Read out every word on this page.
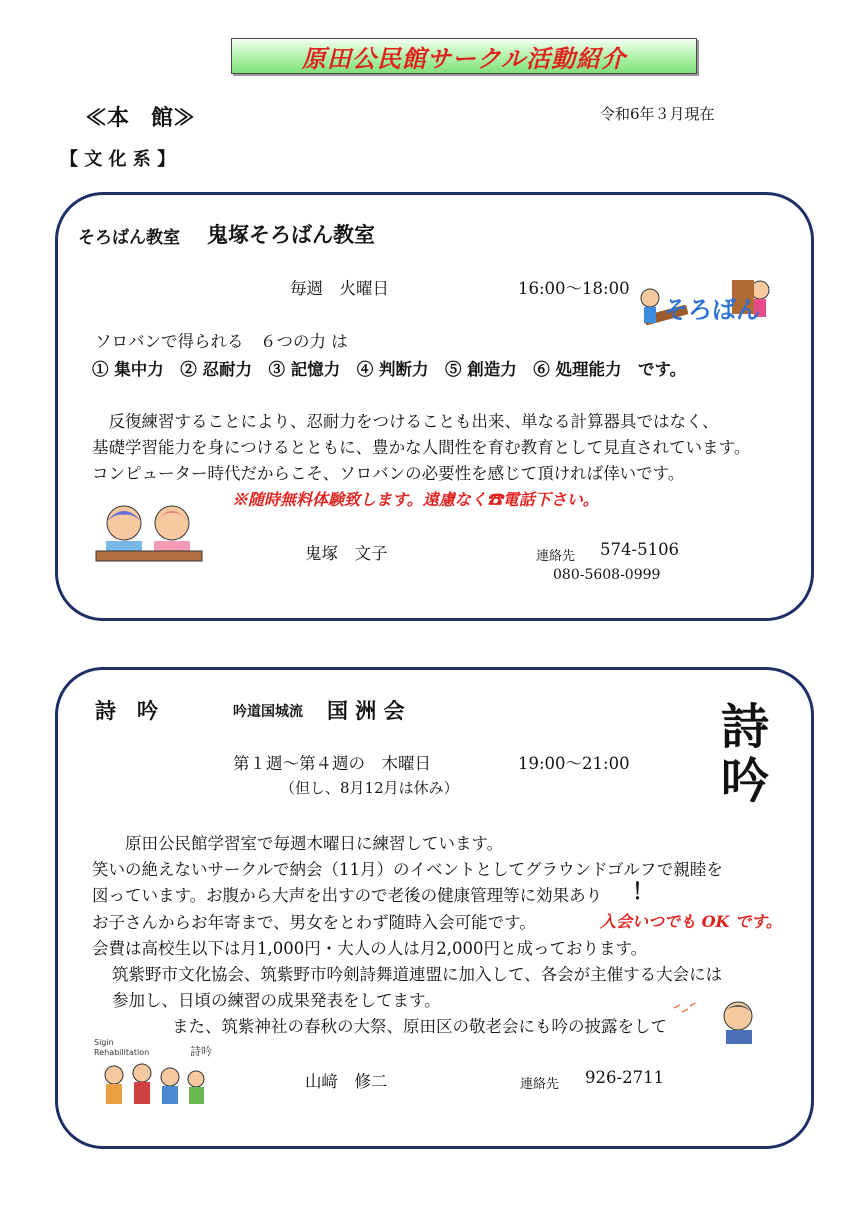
原田公民館サークル活動紹介
≪本　館≫	令和6年３月現在
【 文 化 系 】
そろばん教室 鬼塚そろばん教室
毎週　火曜日	16:00～18:00
そろばん
ソロバンで得られる　６つの力 は
① 集中力　② 忍耐力　③ 記憶力　④ 判断力　⑤ 創造力　⑥ 処理能力　です。
　反復練習することにより、忍耐力をつけることも出来、単なる計算器具ではなく、
基礎学習能力を身につけるとともに、豊かな人間性を育む教育として見直されています。
コンピューター時代だからこそ、ソロバンの必要性を感じて頂ければ倖いです。
※随時無料体験致します。遠慮なく☎電話下さい。
鬼塚　文子	連絡先 574-5106
080-5608-0999
詩　吟	吟道国城流 国 洲 会	詩
吟
第１週～第４週の　木曜日	19:00～21:00
（但し、8月12月は休み）
原田公民館学習室で毎週木曜日に練習しています。
笑いの絶えないサークルで納会（11月）のイベントとしてグラウンドゴルフで親睦を
図っています。お腹から大声を出すので老後の健康管理等に効果あり ！
お子さんからお年寄まで、男女をとわず随時入会可能です。	入会いつでも OK です。
会費は高校生以下は月1,000円・大人の人は月2,000円と成っております。
筑紫野市文化協会、筑紫野市吟剣詩舞道連盟に加入して、各会が主催する大会には
参加し、日頃の練習の成果発表をしてます。
また、筑紫神社の春秋の大祭、原田区の敬老会にも吟の披露をして
Sigin
Rehabilitation	詩吟
山﨑　修二	連絡先 926-2711
